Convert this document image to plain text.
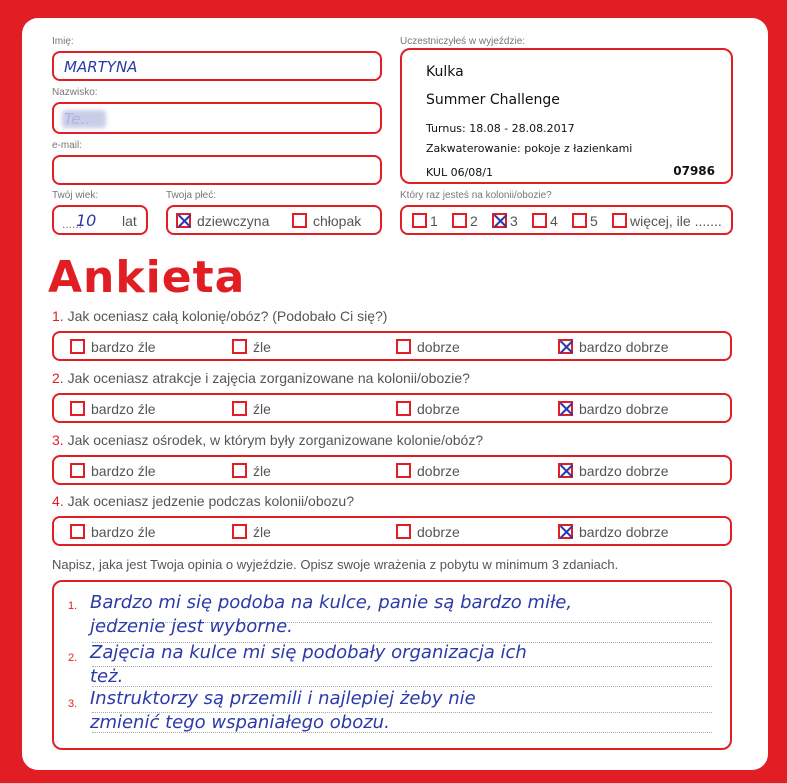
Imię:
MARTYNA
Nazwisko:
Te..
e-mail:
Twój wiek:
......
10 lat
Twoja płeć:
dziewczyna	chłopak
Uczestniczyłeś w wyjeździe:
Kulka
Summer Challenge
Turnus: 18.08 - 28.08.2017
Zakwaterowanie: pokoje z łazienkami
KUL 06/08/1	07986
Który raz jesteś na kolonii/obozie?
1	2	3	4	5	więcej, ile .......
Ankieta
1. Jak oceniasz całą kolonię/obóz? (Podobało Ci się?)
bardzo źle	źle	dobrze	bardzo dobrze
2. Jak oceniasz atrakcje i zajęcia zorganizowane na kolonii/obozie?
bardzo źle	źle	dobrze	bardzo dobrze
3. Jak oceniasz ośrodek, w którym były zorganizowane kolonie/obóz?
bardzo źle	źle	dobrze	bardzo dobrze
4. Jak oceniasz jedzenie podczas kolonii/obozu?
bardzo źle	źle	dobrze	bardzo dobrze
Napisz, jaka jest Twoja opinia o wyjeździe. Opisz swoje wrażenia z pobytu w minimum 3 zdaniach.
1. Bardzo mi się podoba na kulce, panie są bardzo miłe,
jedzenie jest wyborne.
2. Zajęcia na kulce mi się podobały organizacja ich
też.
3. Instruktorzy są przemili i najlepiej żeby nie
zmienić tego wspaniałego obozu.
